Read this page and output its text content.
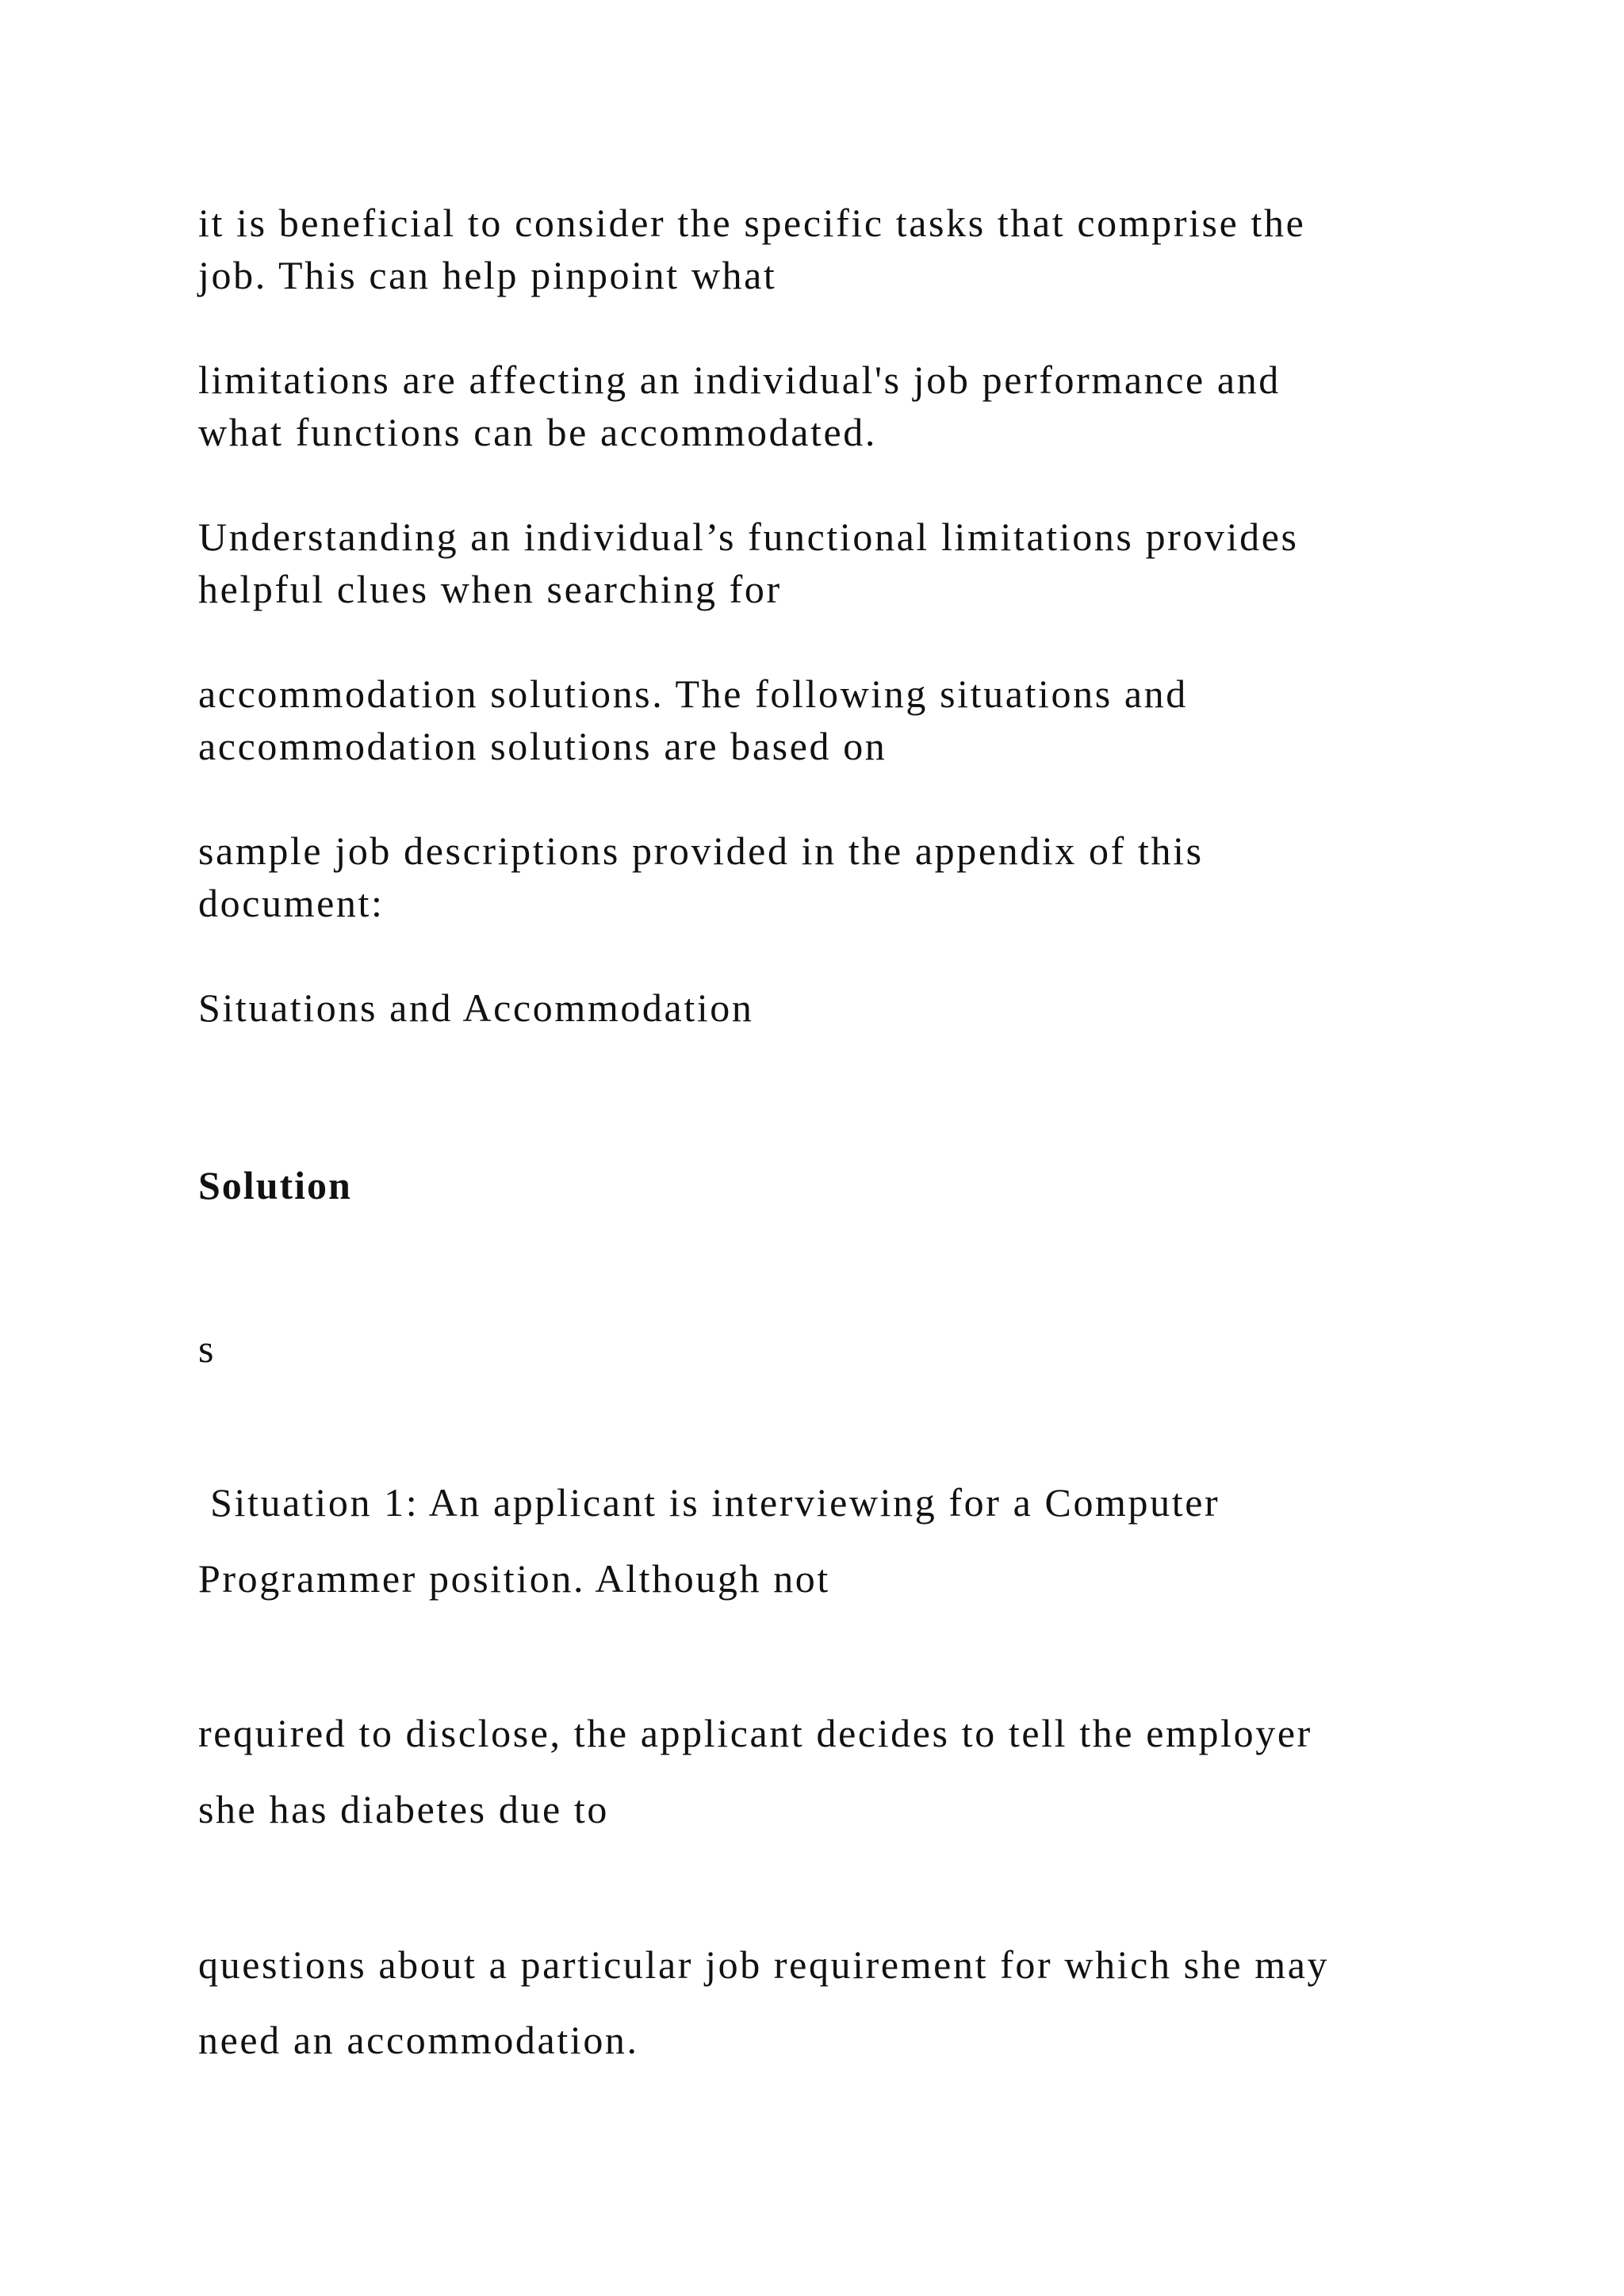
it is beneficial to consider the specific tasks that comprise the

job. This can help pinpoint what

limitations are affecting an individual's job performance and

what functions can be accommodated.

Understanding an individual’s functional limitations provides

helpful clues when searching for

accommodation solutions. The following situations and

accommodation solutions are based on

sample job descriptions provided in the appendix of this

document:

Situations and Accommodation

Solution

s

Situation 1: An applicant is interviewing for a Computer

Programmer position. Although not

required to disclose, the applicant decides to tell the employer

she has diabetes due to

questions about a particular job requirement for which she may

need an accommodation.
